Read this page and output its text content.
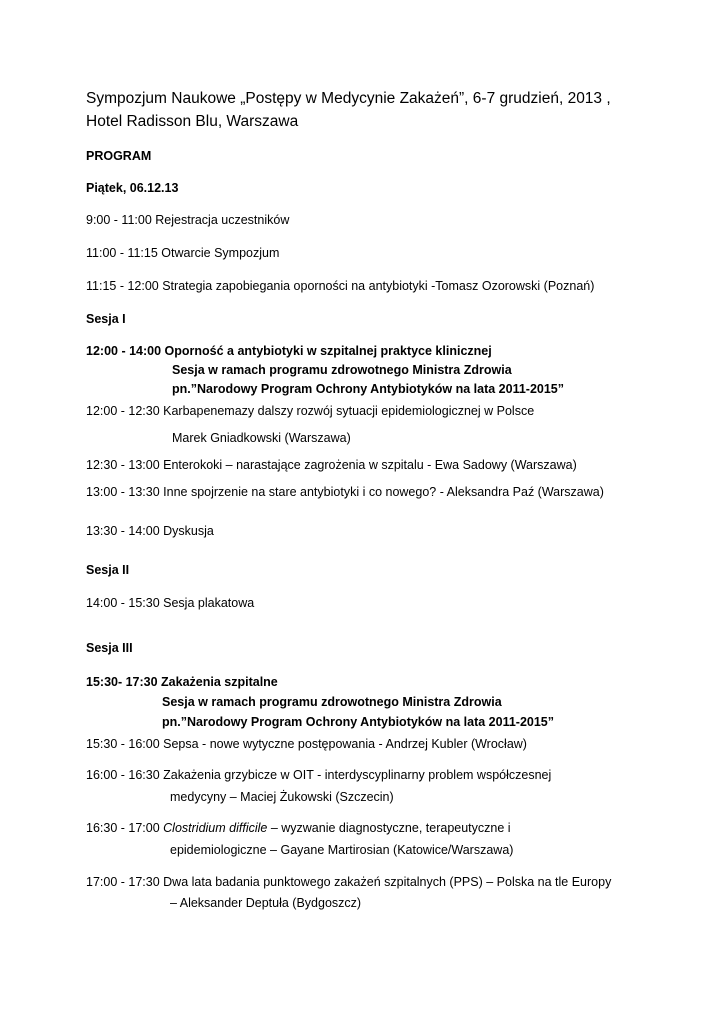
Sympozjum Naukowe „Postępy w Medycynie Zakażeń”, 6-7 grudzień, 2013 ,
Hotel Radisson Blu, Warszawa
PROGRAM
Piątek, 06.12.13
9:00 - 11:00 Rejestracja uczestników
11:00 - 11:15 Otwarcie Sympozjum
11:15 - 12:00 Strategia zapobiegania oporności na antybiotyki -Tomasz Ozorowski (Poznań)
Sesja I
12:00 - 14:00 Oporność a antybiotyki w szpitalnej praktyce klinicznej
Sesja w ramach programu zdrowotnego Ministra Zdrowia
pn.”Narodowy Program Ochrony Antybiotyków na lata 2011-2015”
12:00 - 12:30 Karbapenemazy dalszy rozwój sytuacji epidemiologicznej w Polsce
Marek Gniadkowski (Warszawa)
12:30 - 13:00 Enterokoki – narastające zagrożenia w szpitalu - Ewa Sadowy (Warszawa)
13:00 - 13:30 Inne spojrzenie na stare antybiotyki i co nowego? - Aleksandra Paź (Warszawa)
13:30 - 14:00 Dyskusja
Sesja II
14:00 - 15:30 Sesja plakatowa
Sesja III
15:30- 17:30 Zakażenia szpitalne
Sesja w ramach programu zdrowotnego Ministra Zdrowia
pn.”Narodowy Program Ochrony Antybiotyków na lata 2011-2015”
15:30 - 16:00 Sepsa - nowe wytyczne postępowania - Andrzej Kubler (Wrocław)
16:00 - 16:30 Zakażenia grzybicze w OIT - interdyscyplinarny problem współczesnej
medycyny – Maciej Żukowski (Szczecin)
16:30 - 17:00 Clostridium difficile – wyzwanie diagnostyczne, terapeutyczne i
epidemiologiczne – Gayane Martirosian (Katowice/Warszawa)
17:00 - 17:30 Dwa lata badania punktowego zakażeń szpitalnych (PPS) – Polska na tle Europy
– Aleksander Deptuła (Bydgoszcz)
